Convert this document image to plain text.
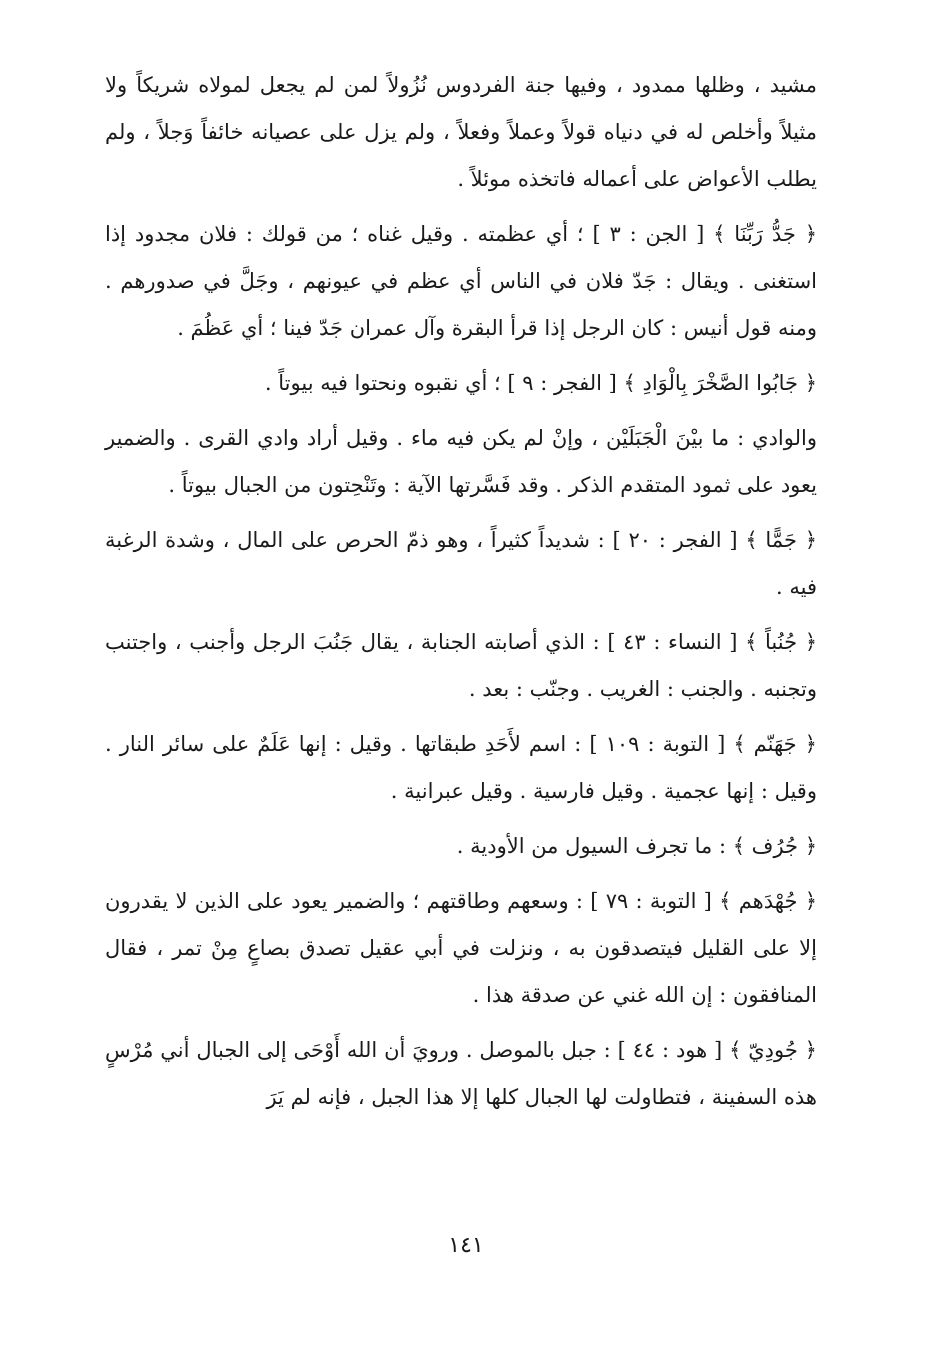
مشيد ، وظلها ممدود ، وفيها جنة الفردوس نُزُولاً لمن لم يجعل لمولاه شريكاً ولا مثيلاً وأخلص له في دنياه قولاً وعملاً وفعلاً ، ولم يزل على عصيانه خائفاً وَجلاً ، ولم يطلب الأعواض على أعماله فاتخذه موئلاً .

﴿ جَدُّ رَبِّنَا ﴾ [ الجن : ٣ ] ؛ أي عظمته . وقيل غناه ؛ من قولك : فلان مجدود إذا استغنى . ويقال : جَدّ فلان في الناس أي عظم في عيونهم ، وجَلَّ في صدورهم . ومنه قول أنيس : كان الرجل إذا قرأ البقرة وآل عمران جَدّ فينا ؛ أي عَظُمَ .

﴿ جَابُوا الصَّخْرَ بِالْوَادِ ﴾ [ الفجر : ٩ ] ؛ أي نقبوه ونحتوا فيه بيوتاً .

والوادي : ما بيْنَ الْجَبَلَيْن ، وإنْ لم يكن فيه ماء . وقيل أراد وادي القرى . والضمير يعود على ثمود المتقدم الذكر . وقد فَسَّرتها الآية : وتَنْحِتون من الجبال بيوتاً .

﴿ جَمًّا ﴾ [ الفجر : ٢٠ ] : شديداً كثيراً ، وهو ذمّ الحرص على المال ، وشدة الرغبة فيه .

﴿ جُنُباً ﴾ [ النساء : ٤٣ ] : الذي أصابته الجنابة ، يقال جَنُبَ الرجل وأجنب ، واجتنب وتجنبه . والجنب : الغريب . وجنّب : بعد .

﴿ جَهَنّم ﴾ [ التوبة : ١٠٩ ] : اسم لأَحَدِ طبقاتها . وقيل : إنها عَلَمٌ على سائر النار . وقيل : إنها عجمية . وقيل فارسية . وقيل عبرانية .

﴿ جُرُف ﴾ : ما تجرف السيول من الأودية .

﴿ جُهْدَهم ﴾ [ التوبة : ٧٩ ] : وسعهم وطاقتهم ؛ والضمير يعود على الذين لا يقدرون إلا على القليل فيتصدقون به ، ونزلت في أبي عقيل تصدق بصاعٍ مِنْ تمر ، فقال المنافقون : إن الله غني عن صدقة هذا .

﴿ جُودِيّ ﴾ [ هود : ٤٤ ] : جبل بالموصل . ورويَ أن الله أَوْحَى إلى الجبال أني مُرْسٍ هذه السفينة ، فتطاولت لها الجبال كلها إلا هذا الجبل ، فإنه لم يَرَ

١٤١
